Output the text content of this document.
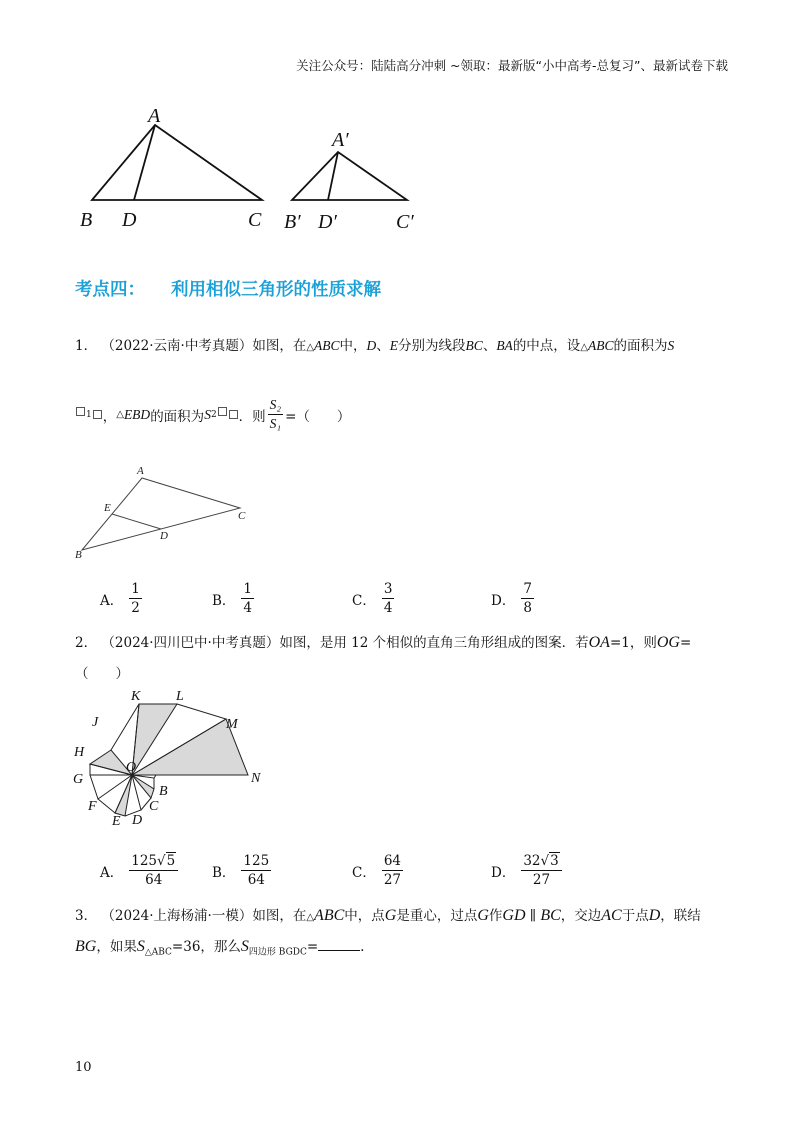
关注公众号：陆陆高分冲刺 ~领取：最新版“小中高考-总复习”、最新试卷下载
A
B D	C
A′
B′ D′	C′
考点四： 利用相似三角形的性质求解
1． （2022·云南·中考真题）如图，在△ABC中，D、E分别为线段BC、BA的中点，设△ABC的面积为S
$_1$ ， △ EBD 的面积为 S 2 ．则 $\frac{\text{S₂}}{\text{S₁}}$ =（　　）
A
E
C
D
B
A． $\frac{1}{2}$	B． $\frac{1}{4}$	C． $\frac{3}{4}$	D． $\frac{7}{8}$
2． （2024·四川巴中·中考真题）如图，是用 12 个相似的直角三角形组成的图案．若OA=1，则OG=
（　　）
K	L
J	M
H
O
G	N
B
F	C
E D
A． $\frac{125√5}{64}$	B． $\frac{125}{64}$	C． $\frac{64}{27}$	D． $\frac{32√3}{27}$
3． （2024·上海杨浦·一模）如图，在△ABC中，点G是重心，过点G作GD ∥ BC，交边AC于点D，联结
BG，如果$S_{\triangle ABC}=36$，那么$S_{四边形 BGDC}=$	.
10
